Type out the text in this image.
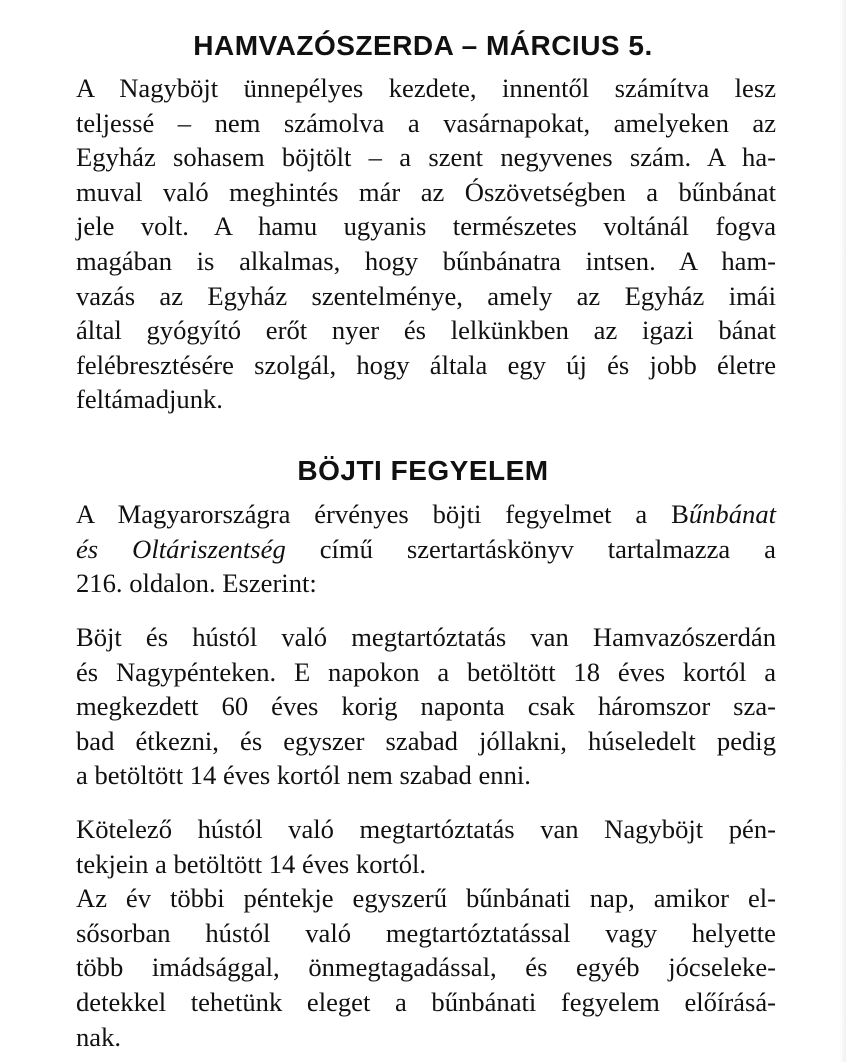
HAMVAZÓSZERDA – MÁRCIUS 5.
A Nagyböjt ünnepélyes kezdete, innentől számítva lesz
teljessé – nem számolva a vasárnapokat, amelyeken az
Egyház sohasem böjtölt – a szent negyvenes szám. A ha-
muval való meghintés már az Ószövetségben a bűnbánat
jele volt. A hamu ugyanis természetes voltánál fogva
magában is alkalmas, hogy bűnbánatra intsen. A ham-
vazás az Egyház szentelménye, amely az Egyház imái
által gyógyító erőt nyer és lelkünkben az igazi bánat
felébresztésére szolgál, hogy általa egy új és jobb életre
feltámadjunk.
BÖJTI FEGYELEM
A Magyarországra érvényes böjti fegyelmet a Bűnbánat
és Oltáriszentség című szertartáskönyv tartalmazza a
216. oldalon. Eszerint:
Böjt és hústól való megtartóztatás van Hamvazószerdán
és Nagypénteken. E napokon a betöltött 18 éves kortól a
megkezdett 60 éves korig naponta csak háromszor sza-
bad étkezni, és egyszer szabad jóllakni, húseledelt pedig
a betöltött 14 éves kortól nem szabad enni.
Kötelező hústól való megtartóztatás van Nagyböjt pén-
tekjein a betöltött 14 éves kortól.
Az év többi péntekje egyszerű bűnbánati nap, amikor el-
sősorban hústól való megtartóztatással vagy helyette
több imádsággal, önmegtagadással, és egyéb jócseleke-
detekkel tehetünk eleget a bűnbánati fegyelem előírásá-
nak.
